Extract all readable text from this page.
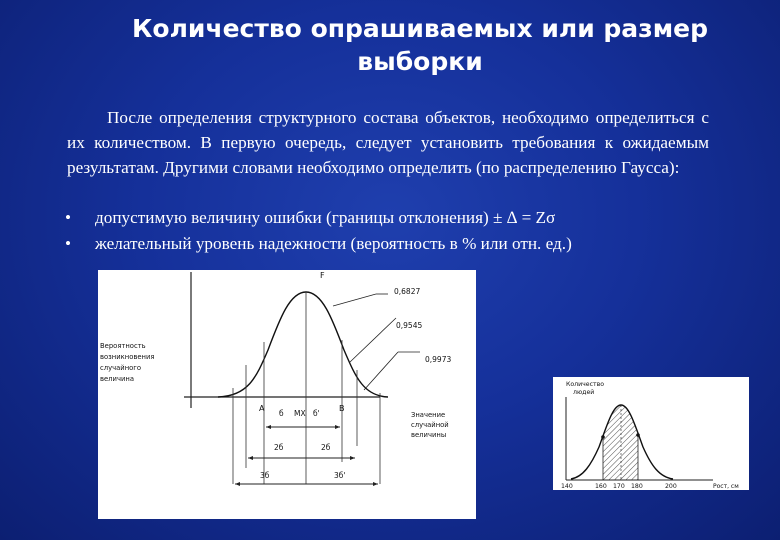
Количество опрашиваемых или размер
выборки
После определения структурного состава объектов, необходимо определиться с их количеством. В первую очередь, следует установить требования к ожидаемым результатам. Другими словами необходимо определить (по распределению Гаусса):
• допустимую величину ошибки (границы отклонения) ± ∆ = Zσ
• желательный уровень надежности (вероятность в % или отн. ед.)
F
0,6827
0,9545
0,9973
Вероятность
возникновения
случайного
величина
А	В
б МХ б'
2б	2б
3б	3б'
Значение
случайной
величины
Количество
людей
140	160 170 180	200	Рост, см
